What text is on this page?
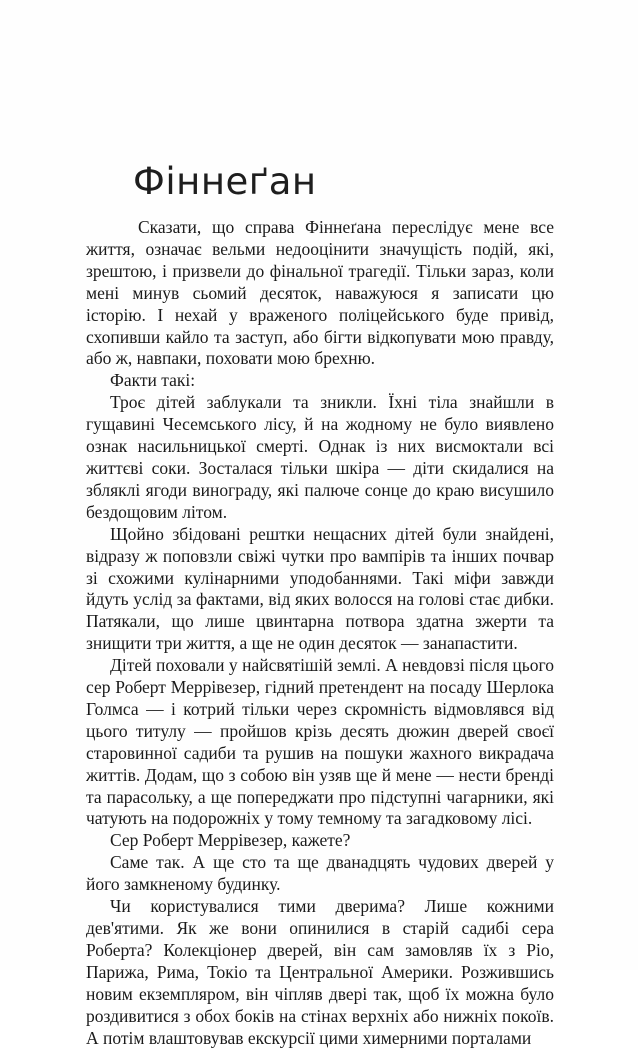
Фіннеґан

Сказати, що справа Фіннеґана переслідує мене все життя, означає вельми недооцінити значущість подій, які, зрештою, і призвели до фінальної трагедії. Тільки зараз, коли мені минув сьомий десяток, наважуюся я записати цю історію. І нехай у враженого поліцейського буде привід, схопивши кайло та заступ, або бігти відкопувати мою правду, або ж, навпаки, поховати мою брехню.

Факти такі:

Троє дітей заблукали та зникли. Їхні тіла знайшли в гущавині Чесемського лісу, й на жодному не було виявлено ознак насильницької смерті. Однак із них висмоктали всі життєві соки. Зосталася тільки шкіра — діти скидалися на збляклі ягоди винограду, які палюче сонце до краю висушило бездощовим літом.

Щойно збідовані рештки нещасних дітей були знайдені, відразу ж поповзли свіжі чутки про вампірів та інших почвар зі схожими кулінарними уподобаннями. Такі міфи завжди йдуть услід за фактами, від яких волосся на голові стає дибки. Патякали, що лише цвинтарна потвора здатна зжерти та знищити три життя, а ще не один десяток — занапастити.

Дітей поховали у найсвятішій землі. А невдовзі після цього сер Роберт Меррівезер, гідний претендент на посаду Шерлока Голмса — і котрий тільки через скромність відмовлявся від цього титулу — пройшов крізь десять дюжин дверей своєї старовинної садиби та рушив на пошуки жахного викрадача життів. Додам, що з собою він узяв ще й мене — нести бренді та парасольку, а ще попереджати про підступні чагарники, які чатують на подорожніх у тому темному та загадковому лісі.

Сер Роберт Меррівезер, кажете?

Саме так. А ще сто та ще дванадцять чудових дверей у його замкненому будинку.

Чи користувалися тими дверима? Лише кожними дев'ятими. Як же вони опинилися в старій садибі сера Роберта? Колекціонер дверей, він сам замовляв їх з Ріо, Парижа, Рима, Токіо та Центральної Америки. Розжившись новим екземпляром, він чіпляв двері так, щоб їх можна було роздивитися з обох боків на стінах верхніх або нижніх покоїв. А потім влаштовував екскурсії цими химерними порталами
